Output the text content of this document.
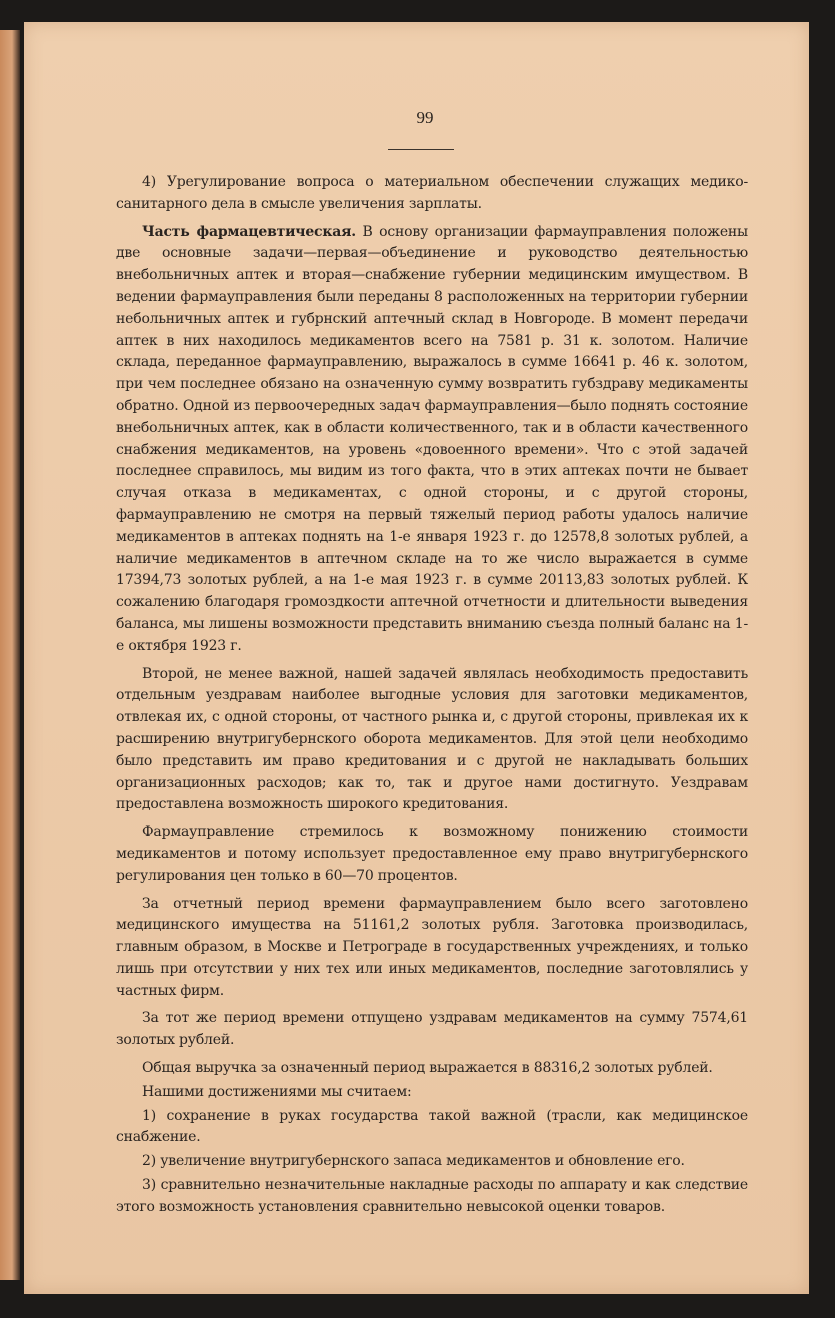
99

4) Урегулирование вопроса о материальном обеспечении служащих медико-санитарного дела в смысле увеличения зарплаты.

Часть фармацевтическая. В основу организации фармауправления положены две основные задачи—первая—объединение и руководство деятельностью внебольничных аптек и вторая—снабжение губернии медицинским имуществом. В ведении фармауправления были переданы 8 расположенных на территории губернии небольничных аптек и губрнский аптечный склад в Новгороде. В момент передачи аптек в них находилось медикаментов всего на 7581 р. 31 к. золотом. Наличие склада, переданное фармауправлению, выражалось в сумме 16641 р. 46 к. золотом, при чем последнее обязано на означенную сумму возвратить губздраву медикаменты обратно. Одной из первоочередных задач фармауправления—было поднять состояние внебольничных аптек, как в области количественного, так и в области качественного снабжения медикаментов, на уровень «довоенного времени». Что с этой задачей последнее справилось, мы видим из того факта, что в этих аптеках почти не бывает случая отказа в медикаментах, с одной стороны, и с другой стороны, фармауправлению не смотря на первый тяжелый период работы удалось наличие медикаментов в аптеках поднять на 1-е января 1923 г. до 12578,8 золотых рублей, а наличие медикаментов в аптечном складе на то же число выражается в сумме 17394,73 золотых рублей, а на 1-е мая 1923 г. в сумме 20113,83 золотых рублей. К сожалению благодаря громоздкости аптечной отчетности и длительности выведения баланса, мы лишены возможности представить вниманию съезда полный баланс на 1-е октября 1923 г.

Второй, не менее важной, нашей задачей являлась необходимость предоставить отдельным уездравам наиболее выгодные условия для заготовки медикаментов, отвлекая их, с одной стороны, от частного рынка и, с другой стороны, привлекая их к расширению внутригубернского оборота медикаментов. Для этой цели необходимо было представить им право кредитования и с другой не накладывать больших организационных расходов; как то, так и другое нами достигнуто. Уездравам предоставлена возможность широкого кредитования.

Фармауправление стремилось к возможному понижению стоимости медикаментов и потому использует предоставленное ему право внутригубернского регулирования цен только в 60—70 процентов.

За отчетный период времени фармауправлением было всего заготовлено медицинского имущества на 51161,2 золотых рубля. Заготовка производилась, главным образом, в Москве и Петрограде в государственных учреждениях, и только лишь при отсутствии у них тех или иных медикаментов, последние заготовлялись у частных фирм.

За тот же период времени отпущено уздравам медикаментов на сумму 7574,61 золотых рублей.

Общая выручка за означенный период выражается в 88316,2 золотых рублей.

Нашими достижениями мы считаем:

1) сохранение в руках государства такой важной (трасли, как медицинское снабжение.

2) увеличение внутригубернского запаса медикаментов и обновление его.

3) сравнительно незначительные накладные расходы по аппарату и как следствие этого возможность установления сравнительно невысокой оценки товаров.
